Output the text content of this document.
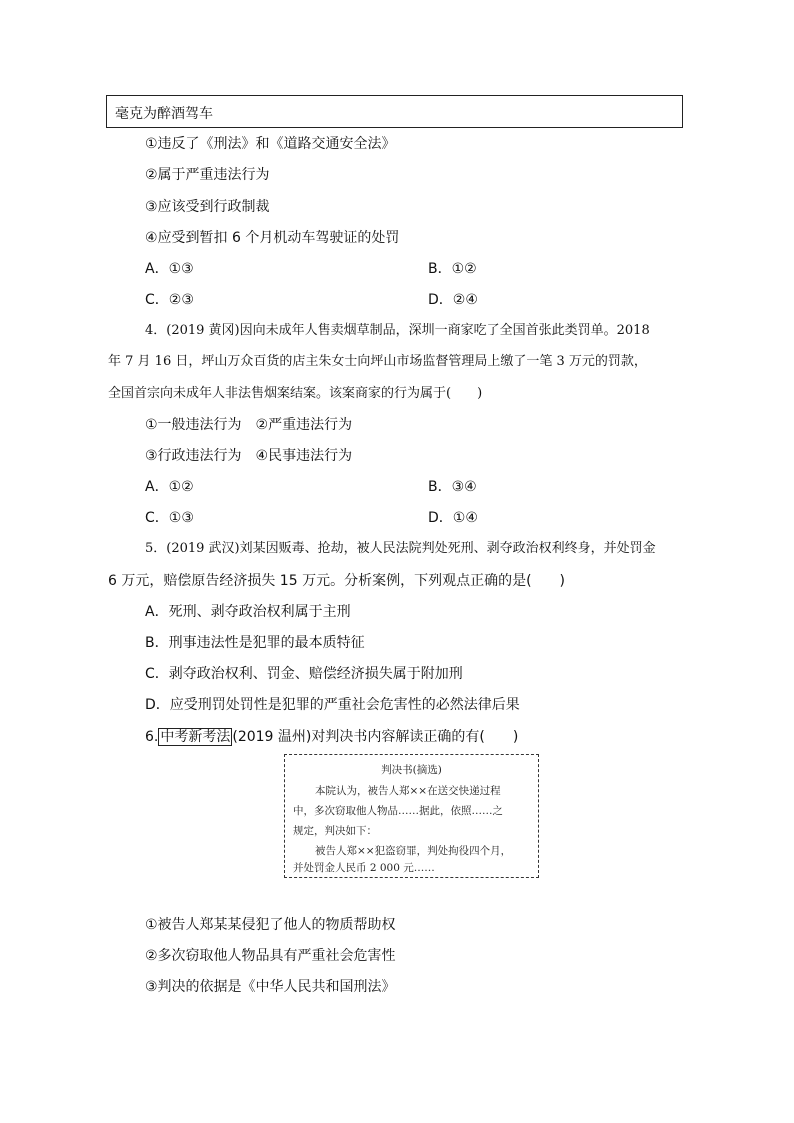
毫克为醉酒驾车
①违反了《刑法》和《道路交通安全法》
②属于严重违法行为
③应该受到行政制裁
④应受到暂扣 6 个月机动车驾驶证的处罚
A．①③	B．①②
C．②③	D．②④
4．(2019 黄冈)因向未成年人售卖烟草制品，深圳一商家吃了全国首张此类罚单。2018
年 7 月 16 日，坪山万众百货的店主朱女士向坪山市场监督管理局上缴了一笔 3 万元的罚款，
全国首宗向未成年人非法售烟案结案。该案商家的行为属于(　　)
①一般违法行为　②严重违法行为
③行政违法行为　④民事违法行为
A．①②	B．③④
C．①③	D．①④
5．(2019 武汉)刘某因贩毒、抢劫，被人民法院判处死刑、剥夺政治权利终身，并处罚金
6 万元，赔偿原告经济损失 15 万元。分析案例，下列观点正确的是(　　)
A．死刑、剥夺政治权利属于主刑
B．刑事违法性是犯罪的最本质特征
C．剥夺政治权利、罚金、赔偿经济损失属于附加刑
D．应受刑罚处罚性是犯罪的严重社会危害性的必然法律后果
6. 中考新考法 (2019 温州)对判决书内容解读正确的有(　　)
判决书(摘选)
本院认为，被告人郑××在送交快递过程
中，多次窃取他人物品……据此，依照……之
规定，判决如下：
被告人郑××犯盗窃罪，判处拘役四个月，
并处罚金人民币 2 000 元……
①被告人郑某某侵犯了他人的物质帮助权
②多次窃取他人物品具有严重社会危害性
③判决的依据是《中华人民共和国刑法》
